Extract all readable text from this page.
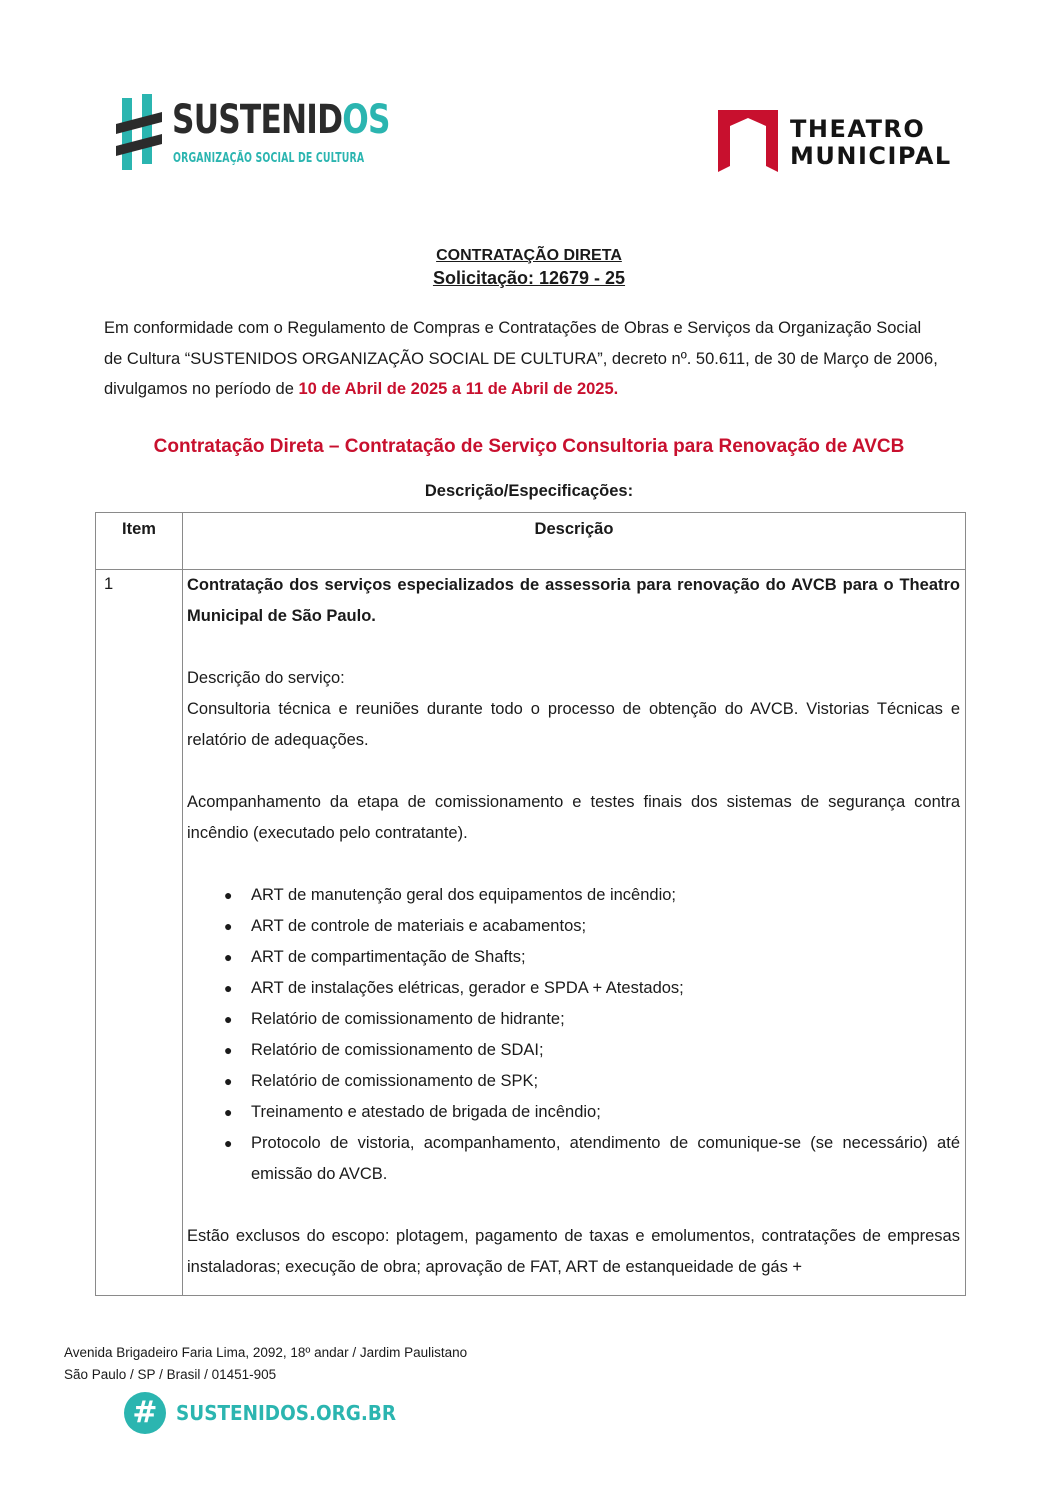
SUSTENIDOS
ORGANIZAÇÃO SOCIAL DE CULTURA
THEATRO
MUNICIPAL
CONTRATAÇÃO DIRETA
Solicitação: 12679 - 25
Em conformidade com o Regulamento de Compras e Contratações de Obras e Serviços da Organização Social de Cultura “SUSTENIDOS ORGANIZAÇÃO SOCIAL DE CULTURA”, decreto nº. 50.611, de 30 de Março de 2006, divulgamos no período de 10 de Abril de 2025 a 11 de Abril de 2025.
Contratação Direta – Contratação de Serviço Consultoria para Renovação de AVCB
Descrição/Especificações:
Item	Descrição
1	Contratação dos serviços especializados de assessoria para renovação do AVCB para o Theatro Municipal de São Paulo.

Descrição do serviço:

Consultoria técnica e reuniões durante todo o processo de obtenção do AVCB. Vistorias Técnicas e relatório de adequações.

Acompanhamento da etapa de comissionamento e testes finais dos sistemas de segurança contra incêndio (executado pelo contratante).

● ART de manutenção geral dos equipamentos de incêndio;
● ART de controle de materiais e acabamentos;
● ART de compartimentação de Shafts;
● ART de instalações elétricas, gerador e SPDA + Atestados;
● Relatório de comissionamento de hidrante;
● Relatório de comissionamento de SDAI;
● Relatório de comissionamento de SPK;
● Treinamento e atestado de brigada de incêndio;
● Protocolo de vistoria, acompanhamento, atendimento de comunique-se (se necessário) até emissão do AVCB.

Estão exclusos do escopo: plotagem, pagamento de taxas e emolumentos, contratações de empresas instaladoras; execução de obra; aprovação de FAT, ART de estanqueidade de gás +

Avenida Brigadeiro Faria Lima, 2092, 18º andar / Jardim Paulistano
São Paulo / SP / Brasil / 01451-905
# SUSTENIDOS.ORG.BR
